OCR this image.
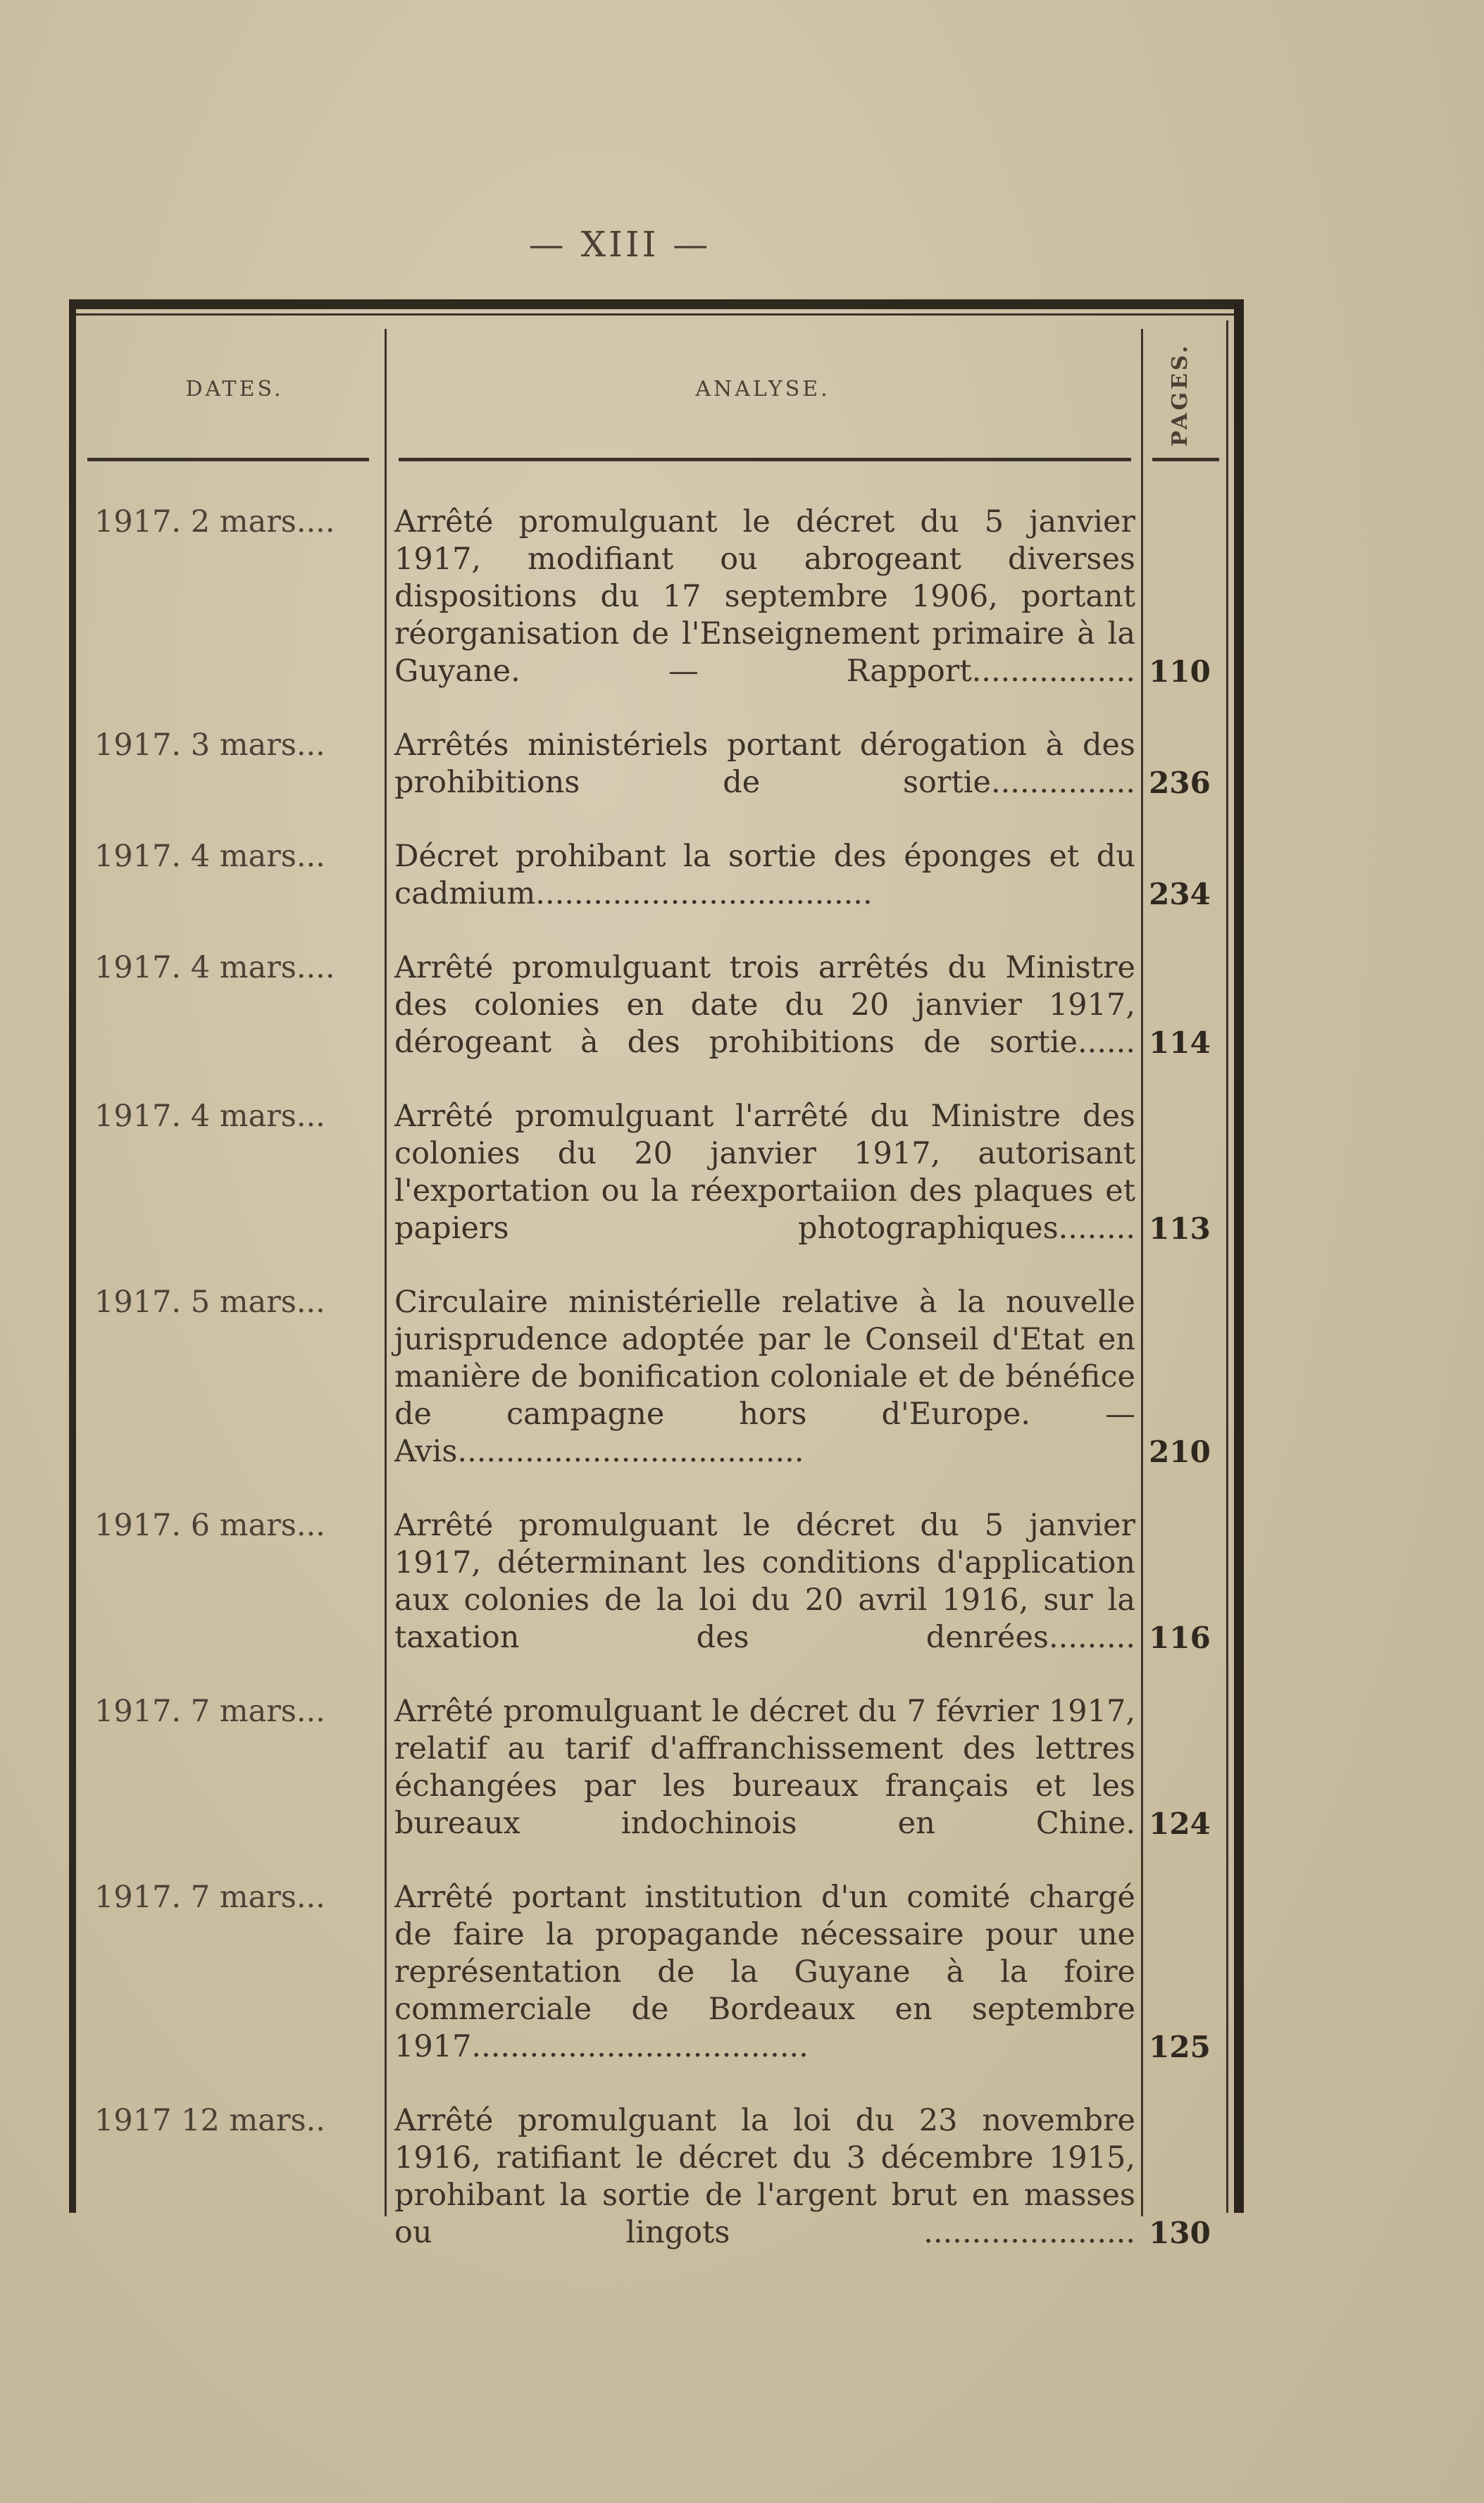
— XIII —
DATES.	ANALYSE.	PAGES.
1917. 2 mars....	Arrêté promulguant le décret du 5 janvier 1917, modifiant ou abrogeant diverses dispositions du 17 septembre 1906, portant réorganisation de l'Enseignement primaire à la Guyane. — Rapport................. 110
1917. 3 mars...	Arrêtés ministériels portant dérogation à des prohibitions de sortie............... 236
1917. 4 mars...	Décret prohibant la sortie des éponges et du cadmium...................................	234
1917. 4 mars....	Arrêté promulguant trois arrêtés du Ministre des colonies en date du 20 janvier 1917, dérogeant à des prohibitions de sortie...... 114
1917. 4 mars...	Arrêté promulguant l'arrêté du Ministre des colonies du 20 janvier 1917, autorisant l'exportation ou la réexportaiion des plaques et papiers photographiques........ 113
1917. 5 mars...	Circulaire ministérielle relative à la nouvelle jurisprudence adoptée par le Conseil d'Etat en manière de bonification coloniale et de bénéfice de campagne hors d'Europe. — Avis....................................	210
1917. 6 mars...	Arrêté promulguant le décret du 5 janvier 1917, déterminant les conditions d'application aux colonies de la loi du 20 avril 1916, sur la taxation des denrées......... 116
1917. 7 mars...	Arrêté promulguant le décret du 7 février 1917, relatif au tarif d'affranchissement des lettres échangées par les bureaux français et les bureaux indochinois en Chine. 124
1917. 7 mars...	Arrêté portant institution d'un comité chargé de faire la propagande nécessaire pour une représentation de la Guyane à la foire commerciale de Bordeaux en septembre 1917...................................	125
1917 12 mars..	Arrêté promulguant la loi du 23 novembre 1916, ratifiant le décret du 3 décembre 1915, prohibant la sortie de l'argent brut en masses ou lingots ...................... 130
